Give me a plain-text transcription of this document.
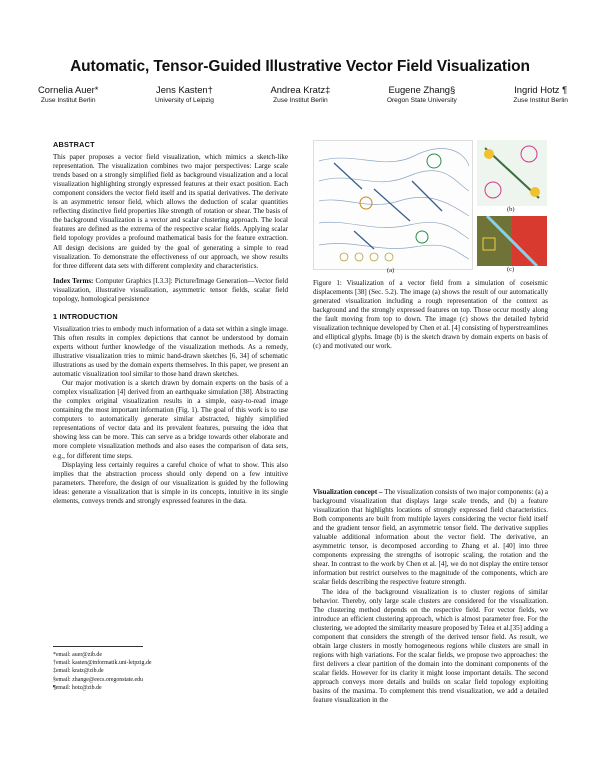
Automatic, Tensor-Guided Illustrative Vector Field Visualization
Cornelia Auer*
Zuse Institut Berlin
Jens Kasten†
University of Leipzig
Andrea Kratz‡
Zuse Institut Berlin
Eugene Zhang§
Oregon State University
Ingrid Hotz ¶
Zuse Institut Berlin
ABSTRACT

This paper proposes a vector field visualization, which mimics a sketch-like representation. The visualization combines two major perspectives: Large scale trends based on a strongly simplified field as background visualization and a local visualization highlighting strongly expressed features at their exact position. Each component considers the vector field itself and its spatial derivatives. The derivate is an asymmetric tensor field, which allows the deduction of scalar quantities reflecting distinctive field properties like strength of rotation or shear. The basis of the background visualization is a vector and scalar clustering approach. The local features are defined as the extrema of the respective scalar fields. Applying scalar field topology provides a profound mathematical basis for the feature extraction. All design decisions are guided by the goal of generating a simple to read visualization. To demonstrate the effectiveness of our approach, we show results for three different data sets with different complexity and characteristics.

Index Terms: Computer Graphics [I.3.3]: Picture/Image Generation—Vector field visualization, illustrative visualization, asymmetric tensor fields, scalar field topology, homological persistence

1 INTRODUCTION

Visualization tries to embody much information of a data set within a single image. This often results in complex depictions that cannot be understood by domain experts without further knowledge of the visualization methods. As a remedy, illustrative visualization tries to mimic hand-drawn sketches [6, 34] of schematic illustrations as used by the domain experts themselves. In this paper, we present an automatic visualization tool similar to those hand drawn sketches.

Our major motivation is a sketch drawn by domain experts on the basis of a complex visualization [4] derived from an earthquake simulation [38]. Abstracting the complex original visualization results in a simple, easy-to-read image containing the most important information (Fig. 1). The goal of this work is to use computers to automatically generate similar abstracted, highly simplified representations of vector data and its prevalent features, pursuing the idea that showing less can be more. This can serve as a bridge towards other elaborate and more complete visualization methods and also eases the comparison of data sets, e.g., for different time steps.

Displaying less certainly requires a careful choice of what to show. This also implies that the abstraction process should only depend on a few intuitive parameters. Therefore, the design of our visualization is guided by the following ideas: generate a visualization that is simple in its concepts, intuitive in its single elements, conveys trends and strongly expressed features in the data.

*email: auer@zib.de
†email: kasten@informatik.uni-leipzig.de
‡email: kratz@zib.de
§email: zhange@eecs.oregonstate.edu
¶email: hotz@zib.de
(a)
(b)
(c)

Figure 1: Visualization of a vector field from a simulation of coseismic displacements [38] (Sec. 5.2). The image (a) shows the result of our automatically generated visualization including a rough representation of the context as background and the strongly expressed features on top. Those occur mostly along the fault moving from top to down. The image (c) shows the detailed hybrid visualization technique developed by Chen et al. [4] consisting of hyperstreamlines and elliptical glyphs. Image (b) is the sketch drawn by domain experts on basis of (c) and motivated our work.

Visualization concept – The visualization consists of two major components: (a) a background visualization that displays large scale trends, and (b) a feature visualization that highlights locations of strongly expressed field characteristics. Both components are built from multiple layers considering the vector field itself and the gradient tensor field, an asymmetric tensor field. The derivative supplies valuable additional information about the vector field. The derivative, an asymmetric tensor, is decomposed according to Zhang et al. [40] into three components expressing the strengths of isotropic scaling, the rotation and the shear. In contrast to the work by Chen et al. [4], we do not display the entire tensor information but restrict ourselves to the magnitude of the components, which are scalar fields describing the respective feature strength.

The idea of the background visualization is to cluster regions of similar behavior. Thereby, only large scale clusters are considered for the visualization. The clustering method depends on the respective field. For vector fields, we introduce an efficient clustering approach, which is almost parameter free. For the clustering, we adopted the similarity measure proposed by Telea et al.[35] adding a component that considers the strength of the derived tensor field. As result, we obtain large clusters in mostly homogeneous regions while clusters are small in regions with high variations. For the scalar fields, we propose two approaches: the first delivers a clear partition of the domain into the dominant components of the scalar fields. However for its clarity it might loose important details. The second approach conveys more details and builds on scalar field topology exploiting basins of the maxima. To complement this trend visualization, we add a detailed feature visualization in the
